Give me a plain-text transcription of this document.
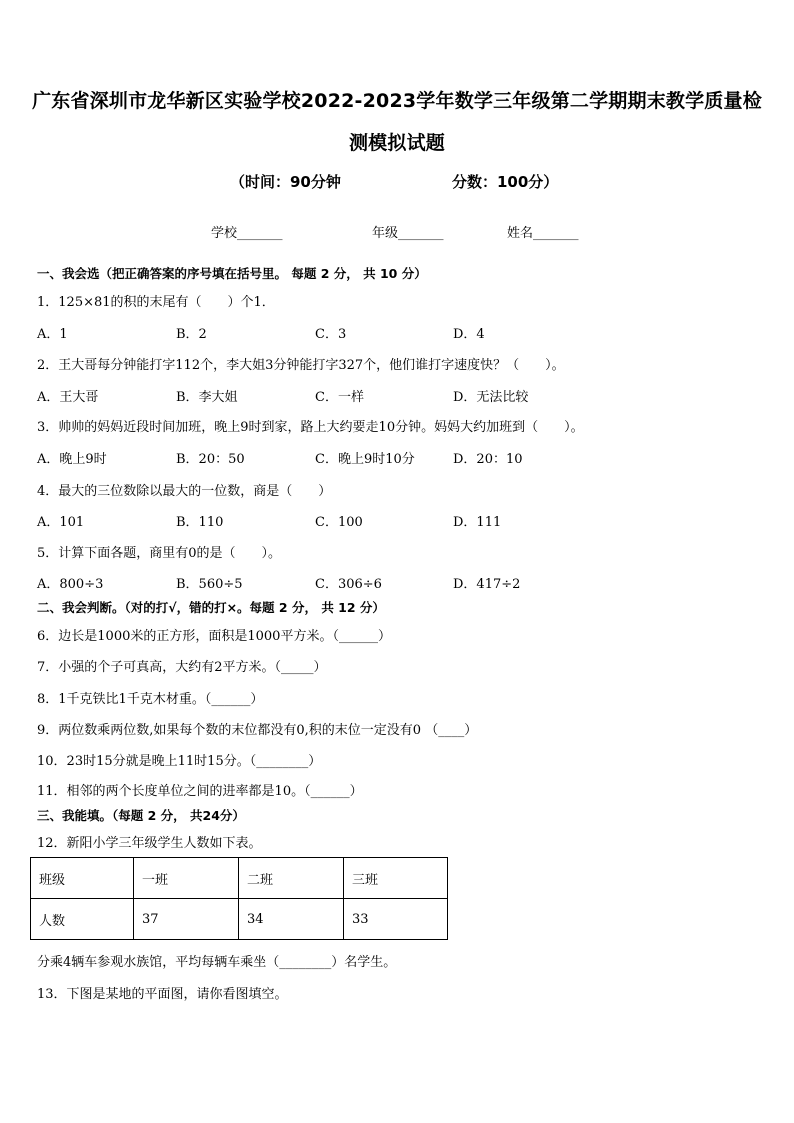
广东省深圳市龙华新区实验学校2022-2023学年数学三年级第二学期期末教学质量检
测模拟试题
（时间：90分钟	分数：100分）
学校_______	年级_______	姓名_______
一、我会选（把正确答案的序号填在括号里。 每题 2 分， 共 10 分）
1．125×81的积的末尾有（　　）个1．
A．1	B．2	C．3	D．4
2．王大哥每分钟能打字112个，李大姐3分钟能打字327个，他们谁打字速度快？（　　）。
A．王大哥	B．李大姐	C．一样	D．无法比较
3．帅帅的妈妈近段时间加班，晚上9时到家，路上大约要走10分钟。妈妈大约加班到（　　）。
A．晚上9时	B．20：50	C．晚上9时10分	D．20：10
4．最大的三位数除以最大的一位数，商是（　　）
A．101	B．110	C．100	D．111
5．计算下面各题，商里有0的是（　　）。
A．800÷3	B．560÷5	C．306÷6	D．417÷2
二、我会判断。（对的打√，错的打×。每题 2 分， 共 12 分）
6．边长是1000米的正方形，面积是1000平方米。（______）
7．小强的个子可真高，大约有2平方米。（_____）
8．1千克铁比1千克木材重。（______）
9．两位数乘两位数,如果每个数的末位都没有0,积的末位一定没有0 （____）
10．23时15分就是晚上11时15分。（________）
11．相邻的两个长度单位之间的进率都是10。（______）
三、我能填。（每题 2 分， 共24分）
12．新阳小学三年级学生人数如下表。
班级	一班	二班	三班
人数	37	34	33
分乘4辆车参观水族馆，平均每辆车乘坐（________）名学生。
13．下图是某地的平面图，请你看图填空。
